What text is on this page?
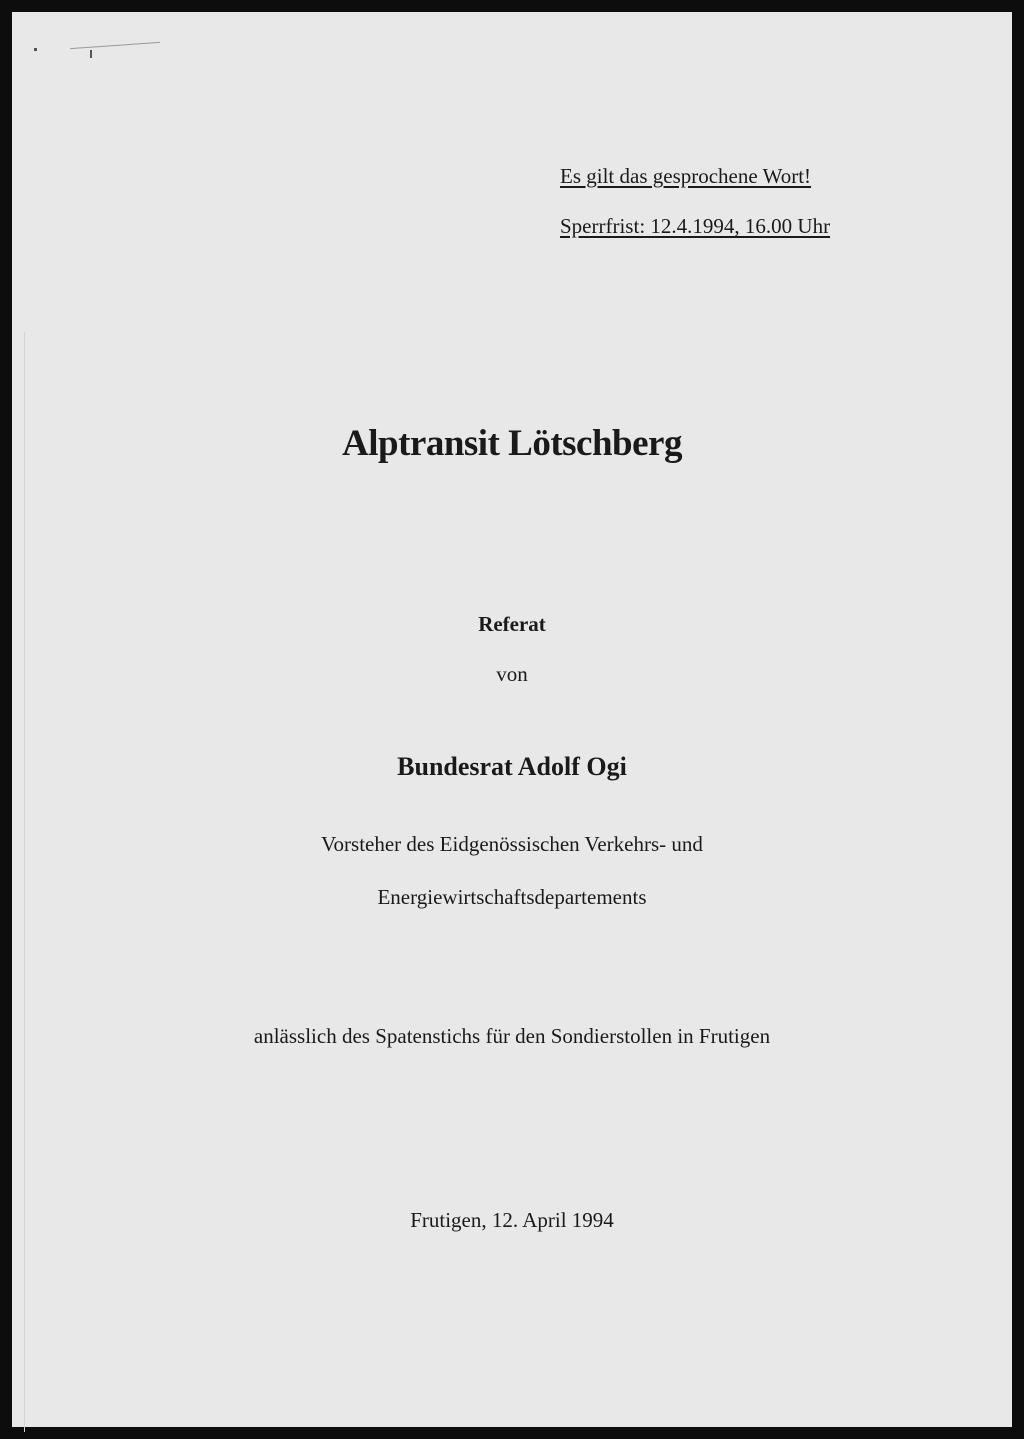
Es gilt das gesprochene Wort!
Sperrfrist: 12.4.1994, 16.00 Uhr
Alptransit Lötschberg
Referat
von
Bundesrat Adolf Ogi
Vorsteher des Eidgenössischen Verkehrs- und
Energiewirtschaftsdepartements
anlässlich des Spatenstichs für den Sondierstollen in Frutigen
Frutigen, 12. April 1994
